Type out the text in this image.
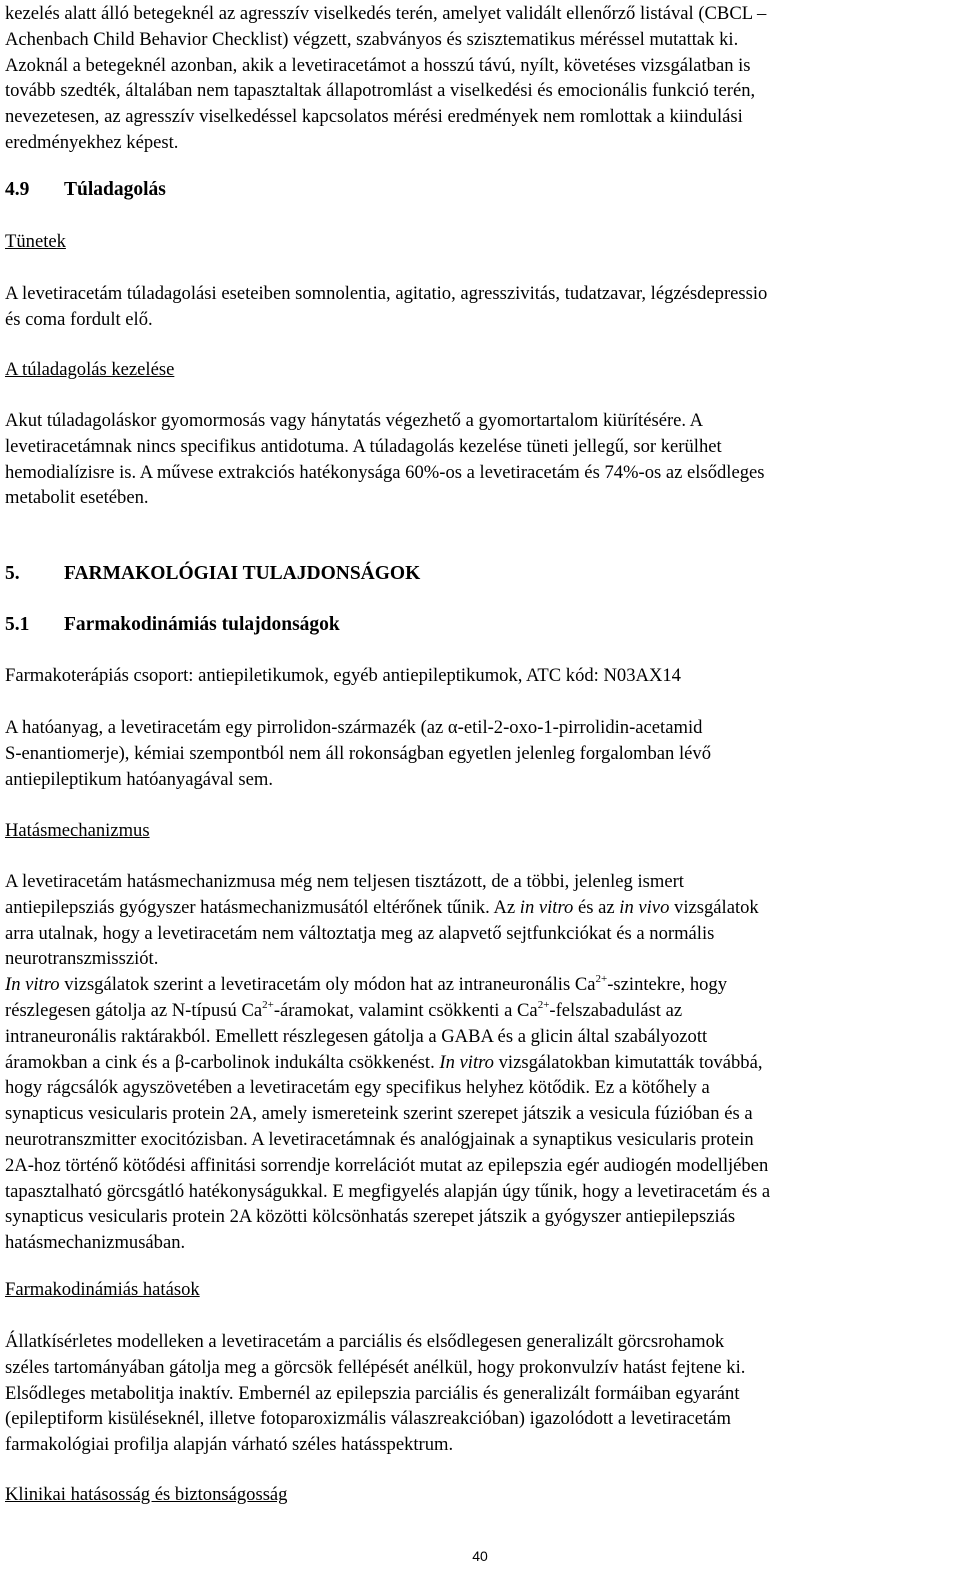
kezelés alatt álló betegeknél az agresszív viselkedés terén, amelyet validált ellenőrző listával (CBCL –
Achenbach Child Behavior Checklist) végzett, szabványos és szisztematikus méréssel mutattak ki.
Azoknál a betegeknél azonban, akik a levetiracetámot a hosszú távú, nyílt, követéses vizsgálatban is
tovább szedték, általában nem tapasztaltak állapotromlást a viselkedési és emocionális funkció terén,
nevezetesen, az agresszív viselkedéssel kapcsolatos mérési eredmények nem romlottak a kiindulási
eredményekhez képest.

4.9 Túladagolás

Tünetek

A levetiracetám túladagolási eseteiben somnolentia, agitatio, agresszivitás, tudatzavar, légzésdepressio
és coma fordult elő.

A túladagolás kezelése

Akut túladagoláskor gyomormosás vagy hánytatás végezhető a gyomortartalom kiürítésére. A
levetiracetámnak nincs specifikus antidotuma. A túladagolás kezelése tüneti jellegű, sor kerülhet
hemodialízisre is. A művese extrakciós hatékonysága 60%-os a levetiracetám és 74%-os az elsődleges
metabolit esetében.

5. FARMAKOLÓGIAI TULAJDONSÁGOK

5.1 Farmakodinámiás tulajdonságok

Farmakoterápiás csoport: antiepiletikumok, egyéb antiepileptikumok, ATC kód: N03AX14

A hatóanyag, a levetiracetám egy pirrolidon-származék (az α-etil-2-oxo-1-pirrolidin-acetamid
S-enantiomerje), kémiai szempontból nem áll rokonságban egyetlen jelenleg forgalomban lévő
antiepileptikum hatóanyagával sem.

Hatásmechanizmus

A levetiracetám hatásmechanizmusa még nem teljesen tisztázott, de a többi, jelenleg ismert
antiepilepsziás gyógyszer hatásmechanizmusától eltérőnek tűnik. Az in vitro és az in vivo vizsgálatok
arra utalnak, hogy a levetiracetám nem változtatja meg az alapvető sejtfunkciókat és a normális
neurotranszmissziót.
In vitro vizsgálatok szerint a levetiracetám oly módon hat az intraneuronális $Ca^{2+}$-szintekre, hogy
részlegesen gátolja az N-típusú $Ca^{2+}$-áramokat, valamint csökkenti a $Ca^{2+}$-felszabadulást az
intraneuronális raktárakból. Emellett részlegesen gátolja a GABA és a glicin által szabályozott
áramokban a cink és a β-carbolinok indukálta csökkenést. In vitro vizsgálatokban kimutatták továbbá,
hogy rágcsálók agyszövetében a levetiracetám egy specifikus helyhez kötődik. Ez a kötőhely a
synapticus vesicularis protein 2A, amely ismereteink szerint szerepet játszik a vesicula fúzióban és a
neurotranszmitter exocitózisban. A levetiracetámnak és analógjainak a synaptikus vesicularis protein
2A-hoz történő kötődési affinitási sorrendje korrelációt mutat az epilepszia egér audiogén modelljében
tapasztalható görcsgátló hatékonyságukkal. E megfigyelés alapján úgy tűnik, hogy a levetiracetám és a
synapticus vesicularis protein 2A közötti kölcsönhatás szerepet játszik a gyógyszer antiepilepsziás
hatásmechanizmusában.

Farmakodinámiás hatások

Állatkísérletes modelleken a levetiracetám a parciális és elsődlegesen generalizált görcsrohamok
széles tartományában gátolja meg a görcsök fellépését anélkül, hogy prokonvulzív hatást fejtene ki.
Elsődleges metabolitja inaktív. Embernél az epilepszia parciális és generalizált formáiban egyaránt
(epileptiform kisüléseknél, illetve fotoparoxizmális válaszreakcióban) igazolódott a levetiracetám
farmakológiai profilja alapján várható széles hatásspektrum.

Klinikai hatásosság és biztonságosság

40
